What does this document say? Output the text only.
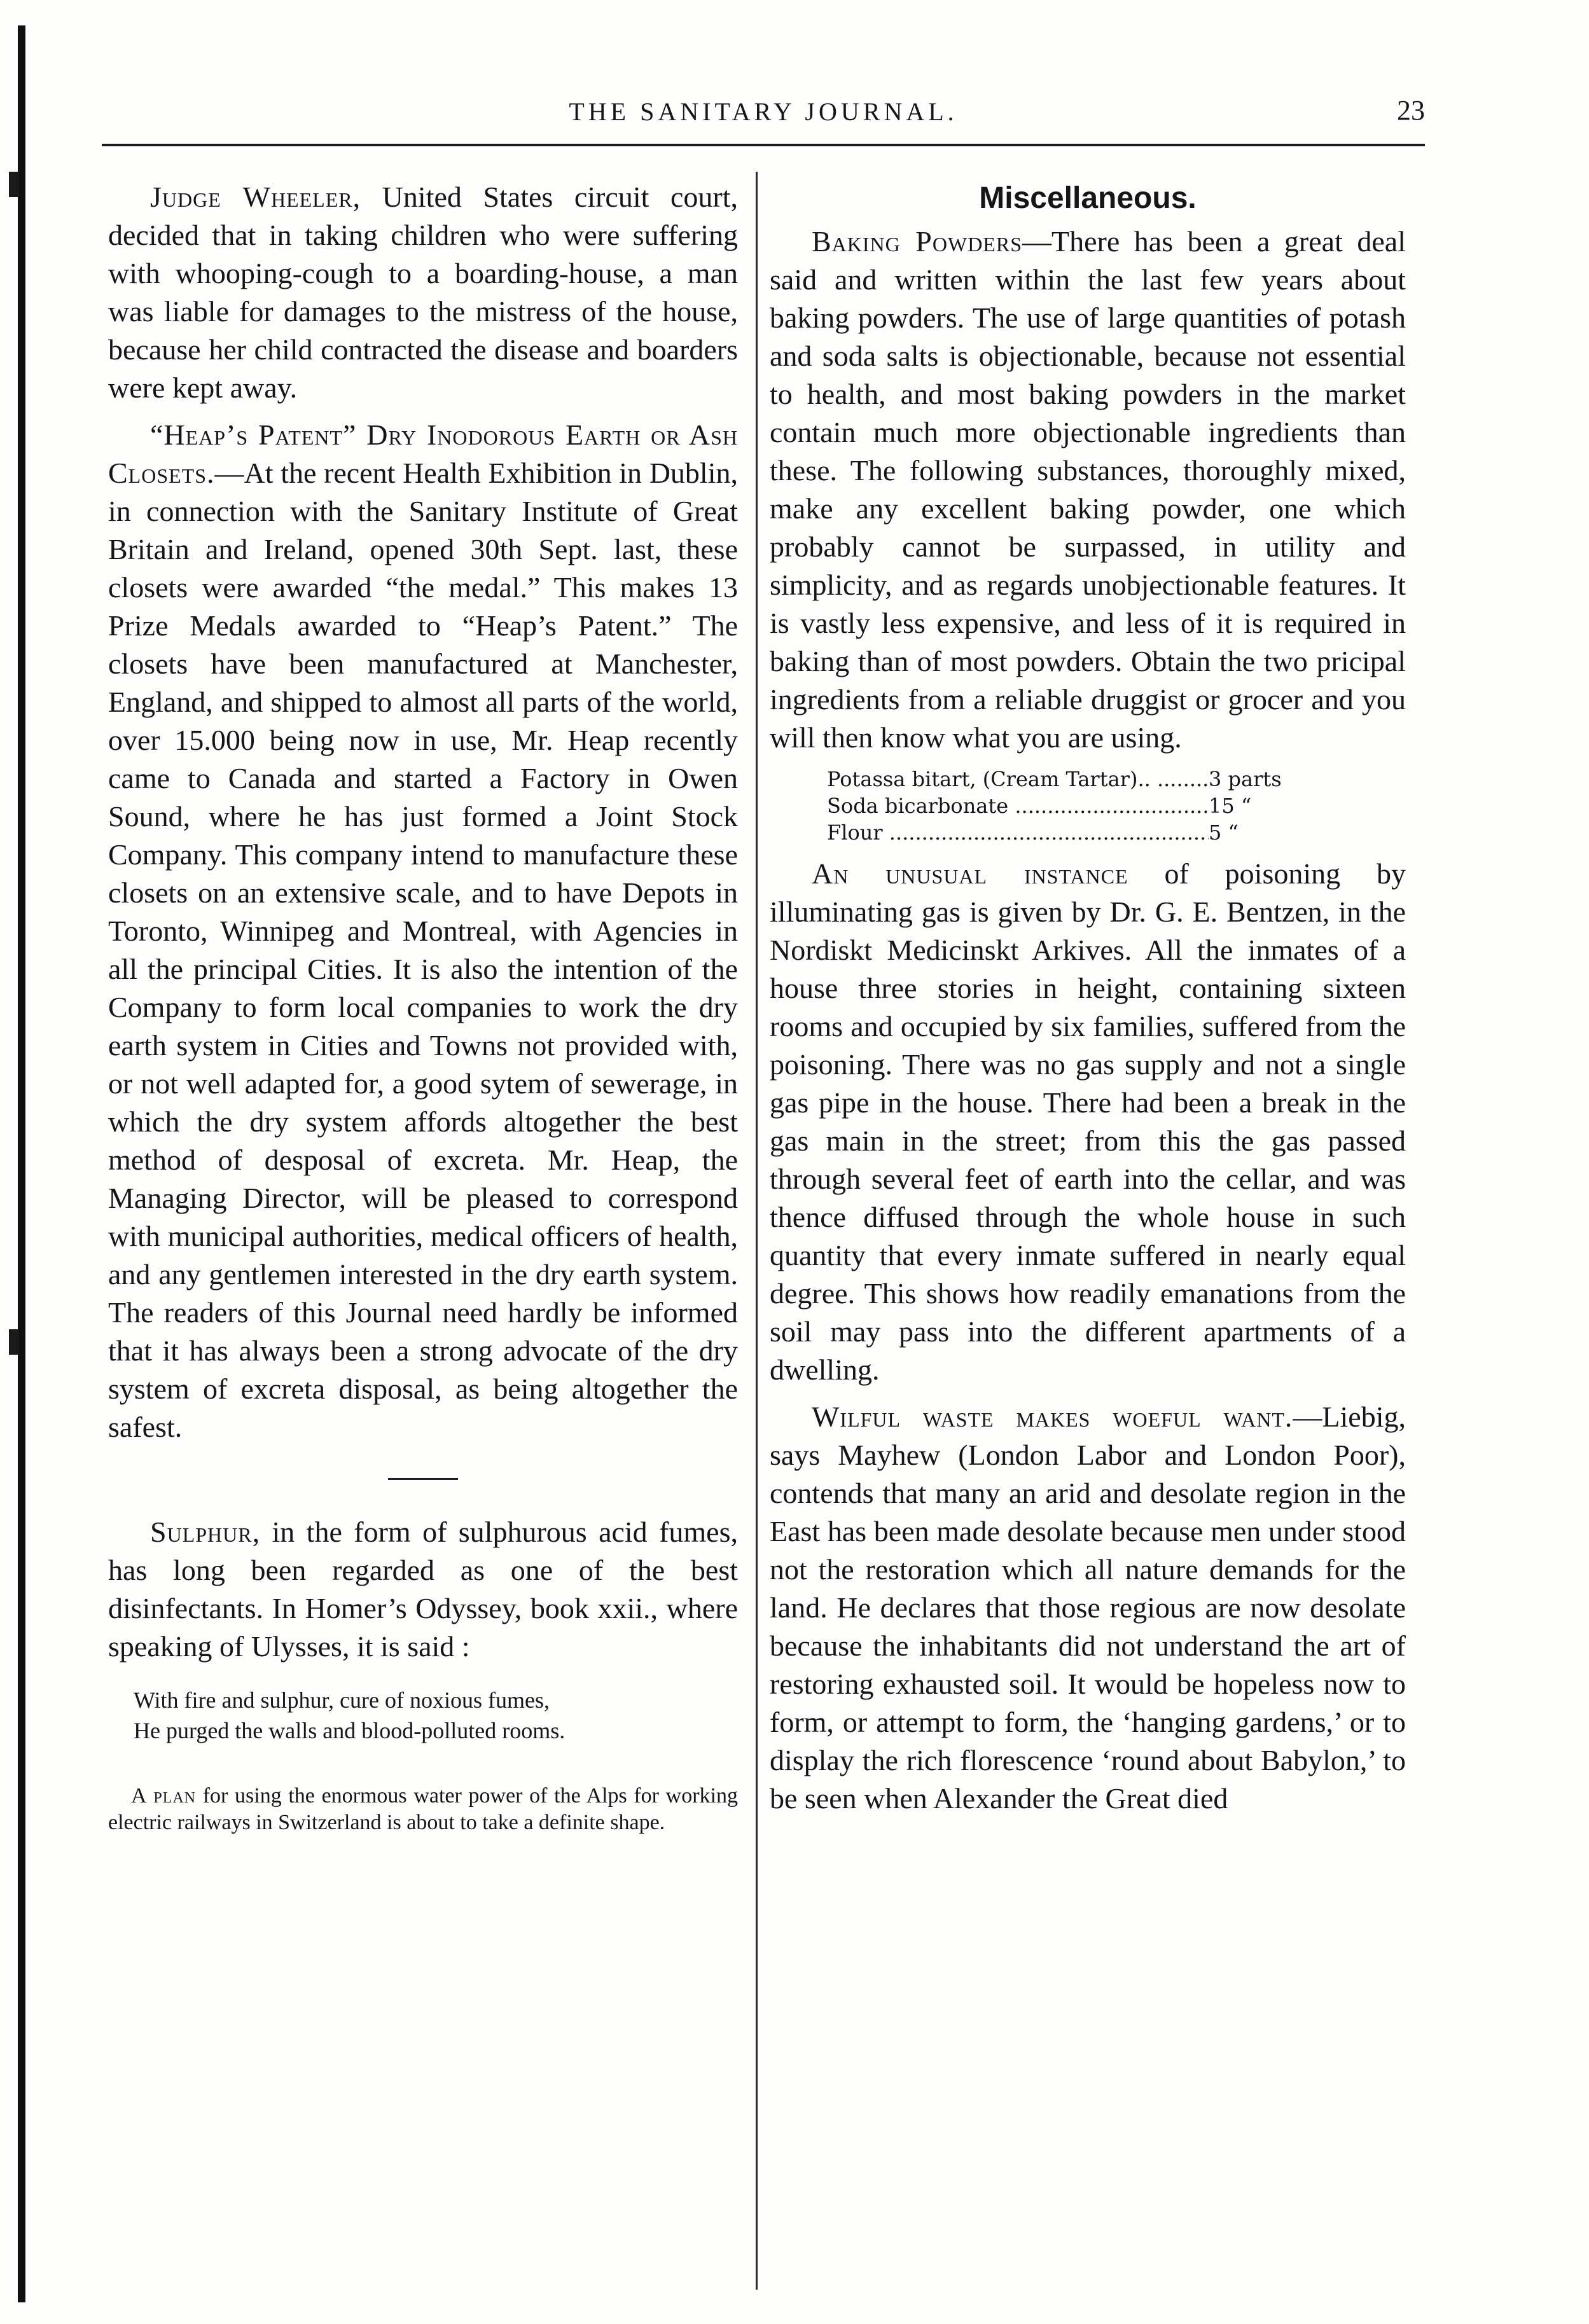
THE SANITARY JOURNAL.	23

Judge Wheeler, United States circuit court, decided that in taking children who were suffering with whooping-cough to a boarding-house, a man was liable for damages to the mistress of the house, because her child contracted the disease and boarders were kept away.

“Heap’s Patent” Dry Inodorous Earth or Ash Closets.—At the recent Health Exhibition in Dublin, in connection with the Sanitary Institute of Great Britain and Ireland, opened 30th Sept. last, these closets were awarded “the medal.” This makes 13 Prize Medals awarded to “Heap’s Patent.” The closets have been manufactured at Manchester, England, and shipped to almost all parts of the world, over 15.000 being now in use, Mr. Heap recently came to Canada and started a Factory in Owen Sound, where he has just formed a Joint Stock Company. This company intend to manufacture these closets on an extensive scale, and to have Depots in Toronto, Winnipeg and Montreal, with Agencies in all the principal Cities. It is also the intention of the Company to form local companies to work the dry earth system in Cities and Towns not provided with, or not well adapted for, a good sytem of sewerage, in which the dry system affords altogether the best method of desposal of excreta. Mr. Heap, the Managing Director, will be pleased to correspond with municipal authorities, medical officers of health, and any gentlemen interested in the dry earth system. The readers of this Journal need hardly be informed that it has always been a strong advocate of the dry system of excreta disposal, as being altogether the safest.

Sulphur, in the form of sulphurous acid fumes, has long been regarded as one of the best disinfectants. In Homer’s Odyssey, book xxii., where speaking of Ulysses, it is said :

With fire and sulphur, cure of noxious fumes,
He purged the walls and blood-polluted rooms.
A plan for using the enormous water power of the Alps for working electric railways in Switzerland is about to take a definite shape.
Miscellaneous.

Baking Powders—There has been a great deal said and written within the last few years about baking powders. The use of large quantities of potash and soda salts is objectionable, because not essential to health, and most baking powders in the market contain much more objectionable ingredients than these. The following substances, thoroughly mixed, make any excellent baking powder, one which probably cannot be surpassed, in utility and simplicity, and as regards unobjectionable features. It is vastly less expensive, and less of it is required in baking than of most powders. Obtain the two pricipal ingredients from a reliable druggist or grocer and you will then know what you are using.

Potassa bitart, (Cream Tartar).. .....	3 parts
Soda bicarbonate .....	15 “
Flour .....	5 “

An unusual instance of poisoning by illuminating gas is given by Dr. G. E. Bentzen, in the Nordiskt Medicinskt Arkives. All the inmates of a house three stories in height, containing sixteen rooms and occupied by six families, suffered from the poisoning. There was no gas supply and not a single gas pipe in the house. There had been a break in the gas main in the street; from this the gas passed through several feet of earth into the cellar, and was thence diffused through the whole house in such quantity that every inmate suffered in nearly equal degree. This shows how readily emanations from the soil may pass into the different apartments of a dwelling.

Wilful waste makes woeful want.—Liebig, says Mayhew (London Labor and London Poor), contends that many an arid and desolate region in the East has been made desolate because men under stood not the restoration which all nature demands for the land. He declares that those regious are now desolate because the inhabitants did not understand the art of restoring exhausted soil. It would be hopeless now to form, or attempt to form, the ‘hanging gardens,’ or to display the rich florescence ‘round about Babylon,’ to be seen when Alexander the Great died
